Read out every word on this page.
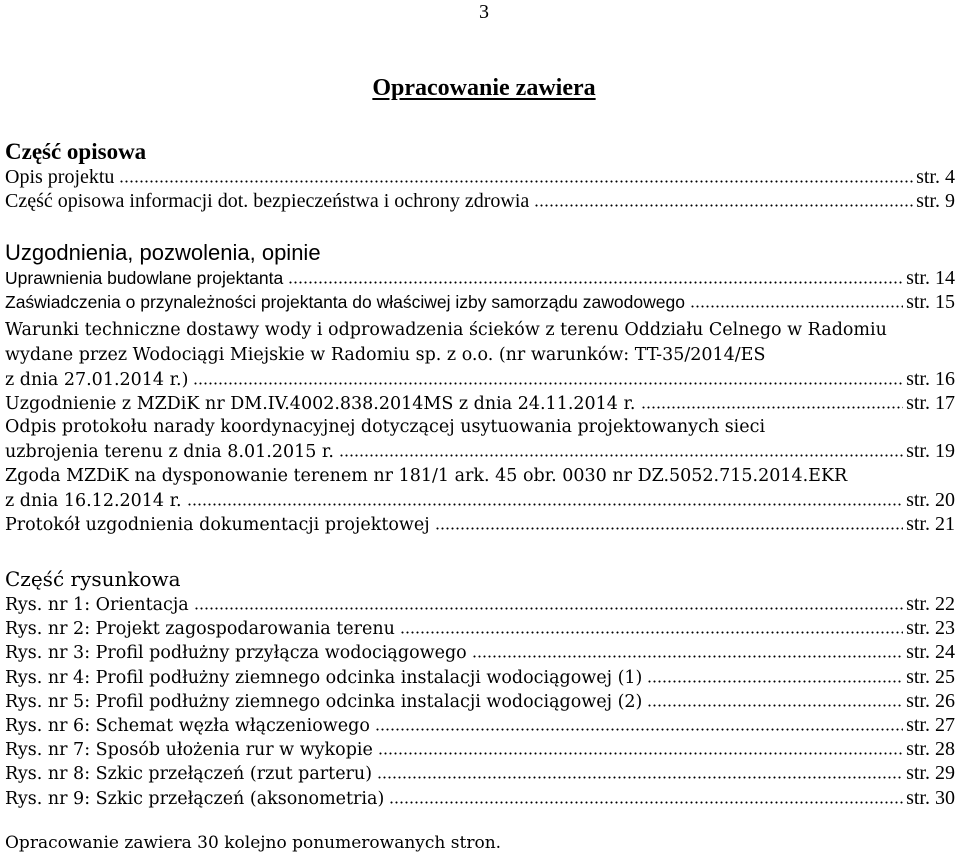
3
Opracowanie zawiera
Część opisowa
Opis projektu	str. 4
Część opisowa informacji dot. bezpieczeństwa i ochrony zdrowia	str. 9
Uzgodnienia, pozwolenia, opinie
Uprawnienia budowlane projektanta	str. 14
Zaświadczenia o przynależności projektanta do właściwej izby samorządu zawodowego	str. 15
Warunki techniczne dostawy wody i odprowadzenia ścieków z terenu Oddziału Celnego w Radomiu
wydane przez Wodociągi Miejskie w Radomiu sp. z o.o. (nr warunków: TT-35/2014/ES
z dnia 27.01.2014 r.)	str. 16
Uzgodnienie z MZDiK nr DM.IV.4002.838.2014MS z dnia 24.11.2014 r.	str. 17
Odpis protokołu narady koordynacyjnej dotyczącej usytuowania projektowanych sieci
uzbrojenia terenu z dnia 8.01.2015 r.	str. 19
Zgoda MZDiK na dysponowanie terenem nr 181/1 ark. 45 obr. 0030 nr DZ.5052.715.2014.EKR
z dnia 16.12.2014 r.	str. 20
Protokół uzgodnienia dokumentacji projektowej	str. 21
Część rysunkowa
Rys. nr 1: Orientacja	str. 22
Rys. nr 2: Projekt zagospodarowania terenu	str. 23
Rys. nr 3: Profil podłużny przyłącza wodociągowego	str. 24
Rys. nr 4: Profil podłużny ziemnego odcinka instalacji wodociągowej (1)	str. 25
Rys. nr 5: Profil podłużny ziemnego odcinka instalacji wodociągowej (2)	str. 26
Rys. nr 6: Schemat węzła włączeniowego	str. 27
Rys. nr 7: Sposób ułożenia rur w wykopie	str. 28
Rys. nr 8: Szkic przełączeń (rzut parteru)	str. 29
Rys. nr 9: Szkic przełączeń (aksonometria)	str. 30
Opracowanie zawiera 30 kolejno ponumerowanych stron.
